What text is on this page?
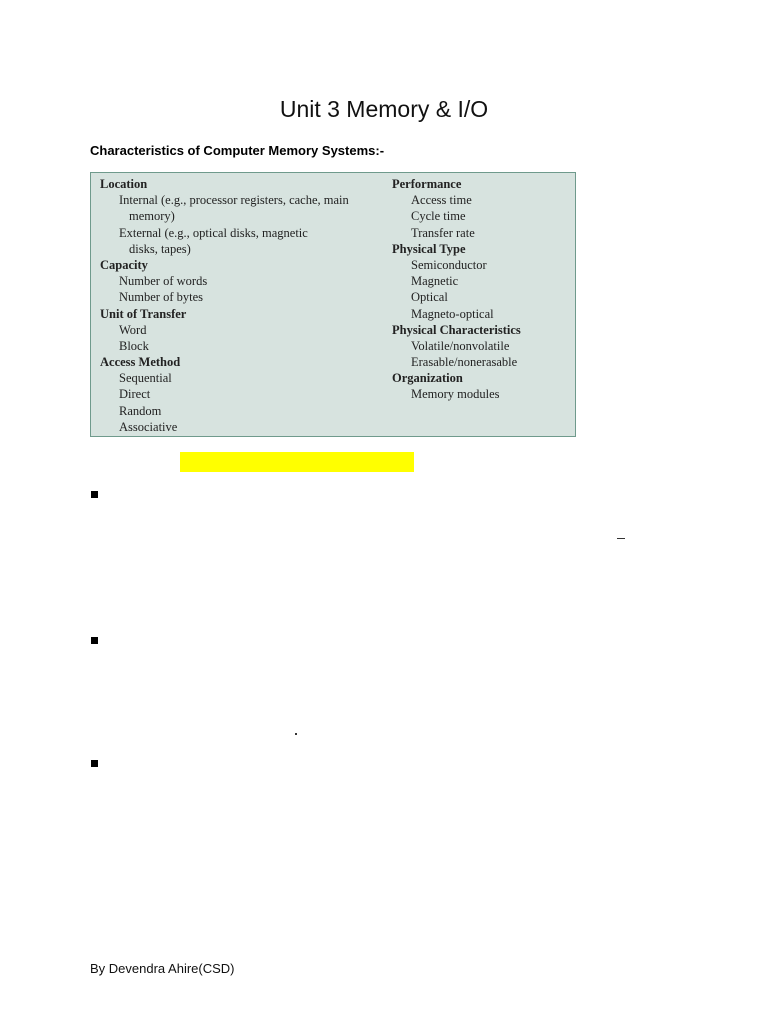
Unit 3 Memory & I/O
Characteristics of Computer Memory Systems:-
Location
Internal (e.g., processor registers, cache, main
memory)
External (e.g., optical disks, magnetic
disks, tapes)
Capacity
Number of words
Number of bytes
Unit of Transfer
Word
Block
Access Method
Sequential
Direct
Random
Associative
Performance
Access time
Cycle time
Transfer rate
Physical Type
Semiconductor
Magnetic
Optical
Magneto-optical
Physical Characteristics
Volatile/nonvolatile
Erasable/nonerasable
Organization
Memory modules
By Devendra Ahire(CSD)
